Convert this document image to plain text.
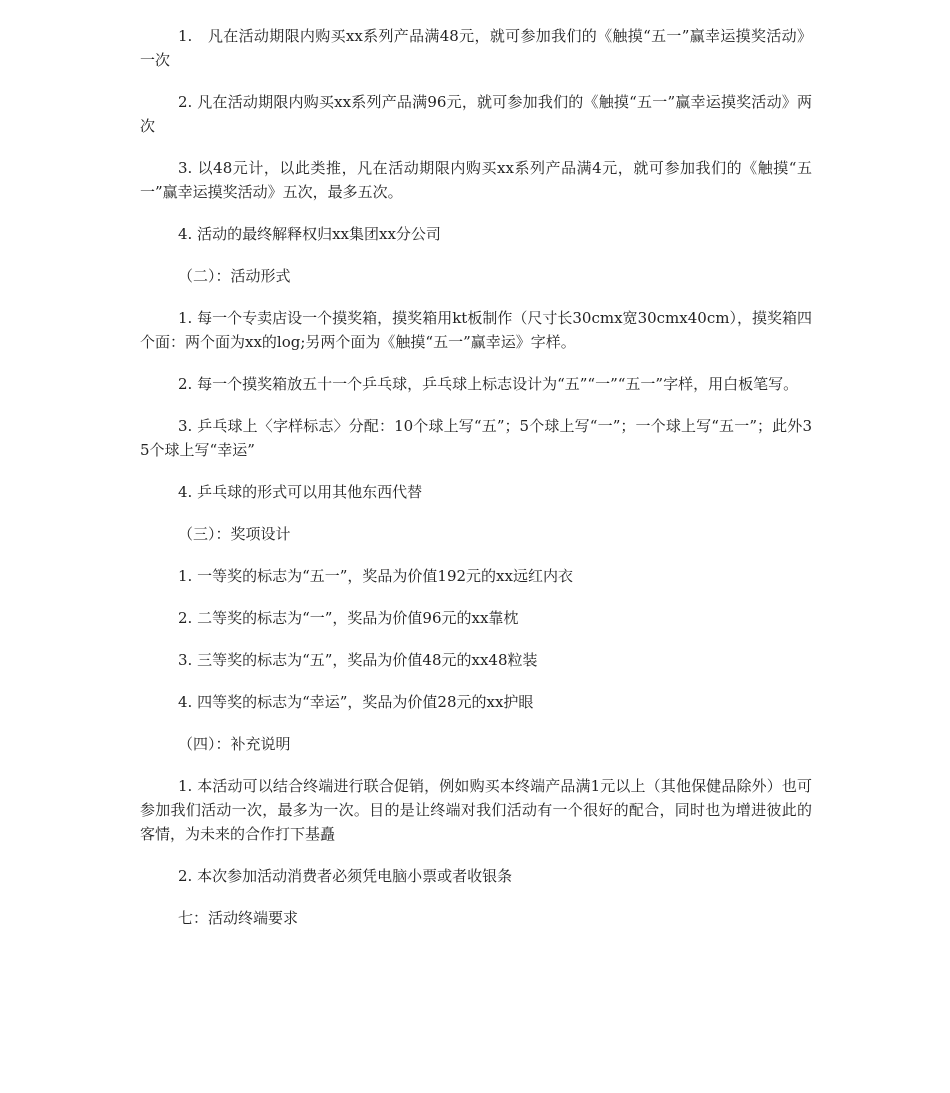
1.　凡在活动期限内购买xx系列产品满48元，就可参加我们的《触摸“五一”赢幸运摸奖活动》一次

2. 凡在活动期限内购买xx系列产品满96元，就可参加我们的《触摸“五一”赢幸运摸奖活动》两次

3. 以48元计，以此类推，凡在活动期限内购买xx系列产品满4元，就可参加我们的《触摸“五一”赢幸运摸奖活动》五次，最多五次。

4. 活动的最终解释权归xx集团xx分公司

（二）：活动形式

1. 每一个专卖店设一个摸奖箱，摸奖箱用kt板制作（尺寸长30cmx宽30cmx40cm），摸奖箱四个面：两个面为xx的log;另两个面为《触摸“五一”赢幸运》字样。

2. 每一个摸奖箱放五十一个乒乓球，乒乓球上标志设计为“五”“一”“五一”字样，用白板笔写。

3. 乒乓球上〈字样标志〉分配：10个球上写“五”；5个球上写“一”；一个球上写“五一”；此外35个球上写“幸运”

4. 乒乓球的形式可以用其他东西代替

（三）：奖项设计

1. 一等奖的标志为“五一”，奖品为价值192元的xx远红内衣

2. 二等奖的标志为“一”，奖品为价值96元的xx靠枕

3. 三等奖的标志为“五”，奖品为价值48元的xx48粒装

4. 四等奖的标志为“幸运”，奖品为价值28元的xx护眼

（四）：补充说明

1. 本活动可以结合终端进行联合促销，例如购买本终端产品满1元以上（其他保健品除外）也可参加我们活动一次，最多为一次。目的是让终端对我们活动有一个很好的配合，同时也为增进彼此的客情，为未来的合作打下基矗

2. 本次参加活动消费者必须凭电脑小票或者收银条

七：活动终端要求
